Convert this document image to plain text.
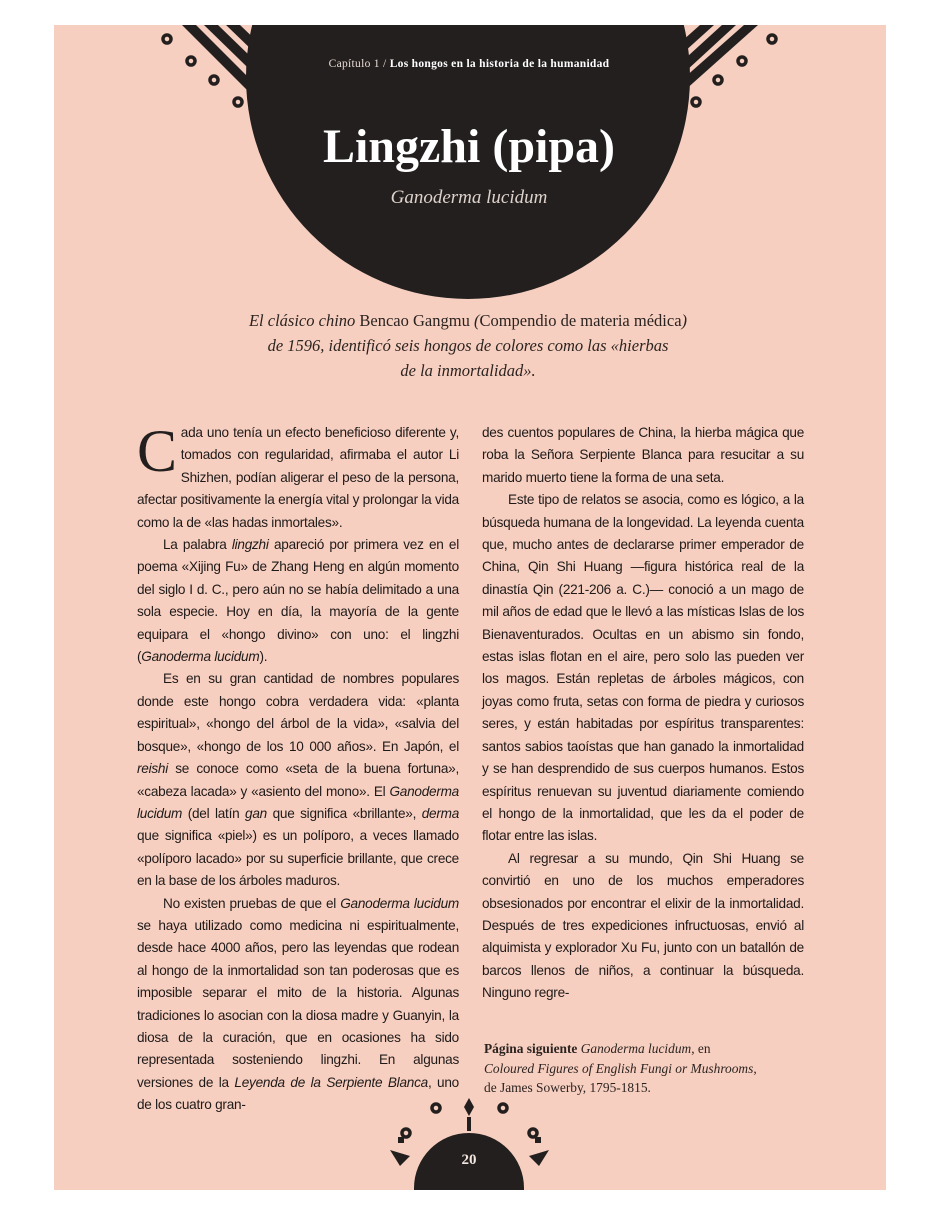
Capítulo 1 / Los hongos en la historia de la humanidad
Lingzhi (pipa)
Ganoderma lucidum
El clásico chino Bencao Gangmu (Compendio de materia médica)
de 1596, identificó seis hongos de colores como las «hierbas
de la inmortalidad».

Cada uno tenía un efecto beneficioso diferente y, tomados con regularidad, afirmaba el autor Li Shizhen, podían aligerar el peso de la persona, afectar positivamente la energía vital y prolongar la vida como la de «las hadas inmortales».

La palabra lingzhi apareció por primera vez en el poema «Xijing Fu» de Zhang Heng en algún momento del siglo I d. C., pero aún no se había delimitado a una sola especie. Hoy en día, la mayoría de la gente equipara el «hongo divino» con uno: el lingzhi (Ganoderma lucidum).

Es en su gran cantidad de nombres populares donde este hongo cobra verdadera vida: «planta espiritual», «hongo del árbol de la vida», «salvia del bosque», «hongo de los 10 000 años». En Japón, el reishi se conoce como «seta de la buena fortuna», «cabeza lacada» y «asiento del mono». El Ganoderma lucidum (del latín gan que significa «brillante», derma que significa «piel») es un políporo, a veces llamado «políporo lacado» por su superficie brillante, que crece en la base de los árboles maduros.

No existen pruebas de que el Ganoderma lucidum se haya utilizado como medicina ni espiritualmente, desde hace 4000 años, pero las leyendas que rodean al hongo de la inmortalidad son tan poderosas que es imposible separar el mito de la historia. Algunas tradiciones lo asocian con la diosa madre y Guanyin, la diosa de la curación, que en ocasiones ha sido representada sosteniendo lingzhi. En algunas versiones de la Leyenda de la Serpiente Blanca, uno de los cuatro gran-

des cuentos populares de China, la hierba mágica que roba la Señora Serpiente Blanca para resucitar a su marido muerto tiene la forma de una seta.

Este tipo de relatos se asocia, como es lógico, a la búsqueda humana de la longevidad. La leyenda cuenta que, mucho antes de declararse primer emperador de China, Qin Shi Huang —figura histórica real de la dinastía Qin (221-206 a. C.)— conoció a un mago de mil años de edad que le llevó a las místicas Islas de los Bienaventurados. Ocultas en un abismo sin fondo, estas islas flotan en el aire, pero solo las pueden ver los magos. Están repletas de árboles mágicos, con joyas como fruta, setas con forma de piedra y curiosos seres, y están habitadas por espíritus transparentes: santos sabios taoístas que han ganado la inmortalidad y se han desprendido de sus cuerpos humanos. Estos espíritus renuevan su juventud diariamente comiendo el hongo de la inmortalidad, que les da el poder de flotar entre las islas.

Al regresar a su mundo, Qin Shi Huang se convirtió en uno de los muchos emperadores obsesionados por encontrar el elixir de la inmortalidad. Después de tres expediciones infructuosas, envió al alquimista y explorador Xu Fu, junto con un batallón de barcos llenos de niños, a continuar la búsqueda. Ninguno regre-

Página siguiente Ganoderma lucidum, en
Coloured Figures of English Fungi or Mushrooms,
de James Sowerby, 1795-1815.
20
